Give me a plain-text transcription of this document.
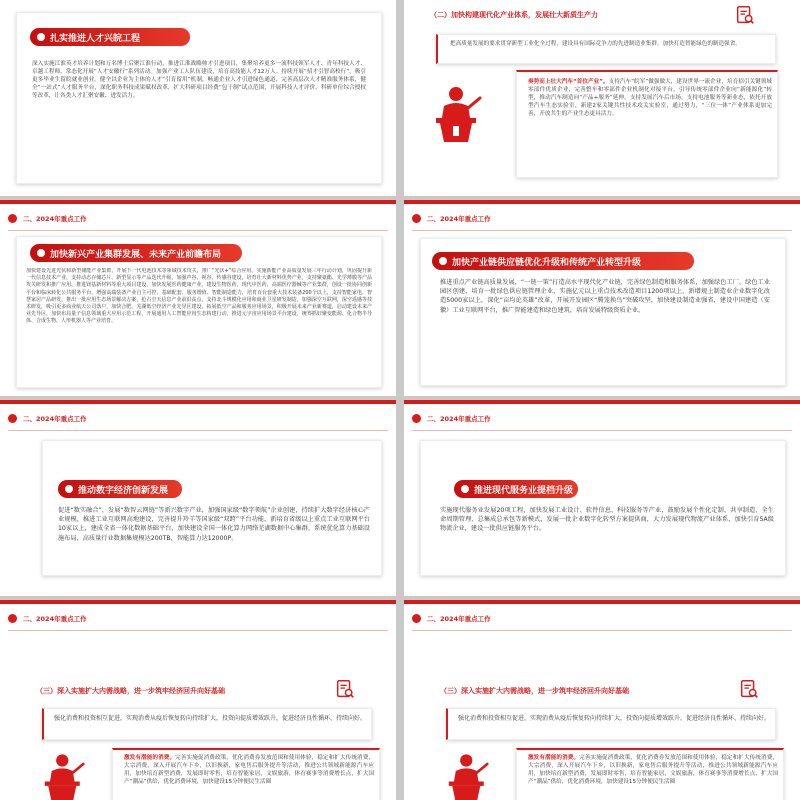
扎实推进人才兴皖工程
深入实施江淮英才培养计划和万名博士后聚江淮行动，推进江淮战略帅才引进项目，集聚培养更多一流科技领军人才、青年科技人才、卓越工程师、常态化开展“人才安徽行”系列活动。加强产业工人队伍建设，培育高技能人才12万人。持续开展“招才引智高校行”，吸引更多毕业生留皖就业创业。健全以企业为主体的人才“引育留用”机制，畅通企业人才引进绿色通道，完善高层次人才精准服务体系，健全“一站式”人才服务平台，深化职务科技成果赋权改革，扩大科研项目经费“包干制”试点范围，开展科技人才评价、科研单位综合授权等改革，让各类人才汇聚安徽、进发活力。
（二）加快构建现代化产业体系，发展壮大新质生产力
把高质量发展的要求贯穿新型工业化全过程，建设具有国际竞争力的先进制造业集群，加快打造智能绿色的制造强省。
奏势而上壮大汽车“首位产业”。支持汽车“皖军”做强做大，建设世界一流企业，培育招引关键领域零部件优质企业，完善整车和零部件企业机制化对接平台，引导传统零部件企业向“新能源化”转型，推动汽车制造向“产品+服务”延伸，支持发展汽车后市场，支持电池服务等新业态，依托开放型汽车生态实验室，新建2家关键共性技术攻关实验室，通过努力，“三位一体”产业体系更加完善，开放共生的产业生态更具活力。
二、2024年重点工作
加快新兴产业集群发展、未来产业前瞻布局
加快建设先进光伏和新型储能产业集群，开展下一代电池技术等领域技术攻关，推广“光伏+”综合应用。实施新能产业高质量发展三年行动计划，巩固提升新一代信息技术产业，支持动态存储芯片、新型显示等产品迭代升级，加强声谷、视谷、传感谷建设，培育壮大新材料优势产业，支持聚氨酯、光学薄膜等产品攻关研发和推广应用，推进镁基新材料等重大项目建设，加快发展医药健康产业，建设生物医药、现代中医药、高端医疗器械等产业集群，创设一批协同创新平台和临床转化公共服务平台，增强高端装备产业自主可控、基础配套、服务增值、智能制造能力，培育百台套重大技术装备200个以上，支持智能家电、智慧家居产品研发，推出一批应用生态场景解决方案，抢占空天信息产业前沿高点，支持北斗规模化应用和商业卫星研发制造，加强深空互联网，深空遥感等技术研发，吸引更多商业航天公司落户，加快合肥、芜湖低空经济产业先导区建设，拓展低空产品和服务应用场景，积极开展未来产业新赛道，启动建设未来产业先导区，加快布局量子信息领域重大应用示范工程，开展通用人工智能应用生态构建行动，推进元宇宙应用场景平台建设，统筹抓好聚变能源、化合物半导体、合成生物、人形机器人等产业培育。
二、2024年重点工作
加快产业链供应链优化升级和传统产业转型升级
推进重点产业链高质量发展，“一链一策”打造高水平现代化产业链，完善绿色制造和服务体系，加强绿色工厂、绿色工业园区创建，培育一批绿色供应链管理企业，实施亿元以上重点技术改造项目1200项以上，新增规上制造业企业数字化改造5000家以上，深化“亩均论英雄”改革，开展开发园区“腾笼换鸟”突破攻坚，加快建设制造业强省，建设中国建造（安徽）工业互联网平台，推广智能建造和绿色建筑，培育发展特级资质企业。
二、2024年重点工作
推动数字经济创新发展
促进“数实融合”，发展“数智云网链”等新兴数字产业，加强国家级“数字领航”企业创建，持续扩大数字经济核心产业规模，推进工业互联网高地建设，完善提升羚羊等国家级“双跨”平台功能，新培育省级以上重点工业互联网平台10家以上，建成全省一体化数据基础平台，加快建设全国一体化算力网络芜湖数据中心集群，系统优化算力基础设施布局，高质量行业数据集规模达200TB，智能算力达12000P。
二、2024年重点工作
推进现代服务业提档升级
实施现代服务业发展20项工程，加快发展工业设计、软件信息、科技服务等产业，鼓励发展个性化定制、共享制造、全生命周期管理、总集成总承包等新模式，发展一批企业数字化转型方案提供商，大力发展现代物流产业体系，加快引育5A级物流企业，建设一批供应链服务平台。
二、2024年重点工作
（三）深入实施扩大内需战略，进一步筑牢经济回升向好基础
强化消费和投资相互促进，实现消费从疫后恢复转向持续扩大，投资向提质增效跃升，促进经济良性循环、持续向好。
激发有潜能的消费。完善实施促消费政策，优化消费券发放范围和使用体验，稳定和扩大传统消费，大宗消费，深入开展汽车下乡，以旧换新，家电售后服务提升等活动，推进公共领域新能源汽车应用，加快培育新型消费，发展即时零售，培育智能家居，文娱旅游，体育赛事等消费增长点，扩大国产“潮品”供给，优化消费环境，加快建设15分钟便民生活圈
二、2024年重点工作
（三）深入实施扩大内需战略，进一步筑牢经济回升向好基础
强化消费和投资相互促进，实现消费从疫后恢复转向持续扩大，投资向提质增效跃升，促进经济良性循环、持续向好。
激发有潜能的消费。完善实施促消费政策，优化消费券发放范围和使用体验，稳定和扩大传统消费，大宗消费，深入开展汽车下乡，以旧换新，家电售后服务提升等活动，推进公共领域新能源汽车应用，加快培育新型消费，发展即时零售，培育智能家居，文娱旅游，体育赛事等消费增长点，扩大国产“潮品”供给，优化消费环境，加快建设15分钟便民生活圈
